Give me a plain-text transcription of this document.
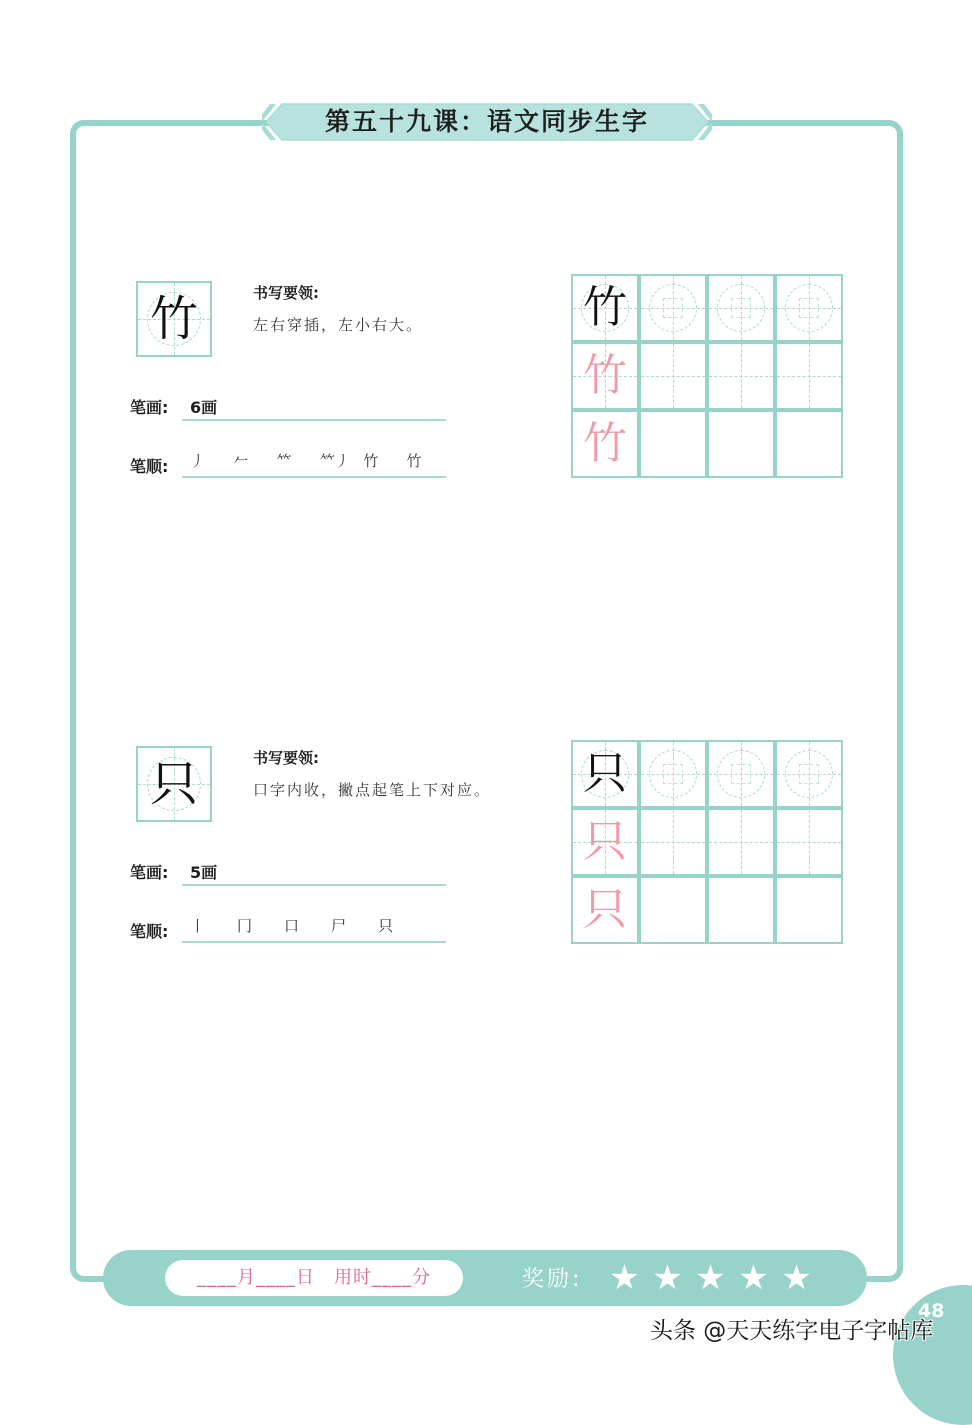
第五十九课：语文同步生字
竹	书写要领:
左右穿插，左小右大。
笔画: 6画
笔顺: 丿	𠂉	𥫗	𥫗丿 竹	竹
竹
竹
竹
只	书写要领:
口字内收，撇点起笔上下对应。
笔画: 5画
笔顺: 丨	冂	口	尸	只
只
只
只
____月____日　用时____分	奖励: ★ ★ ★ ★ ★
48
头条 @天天练字电子字帖库
